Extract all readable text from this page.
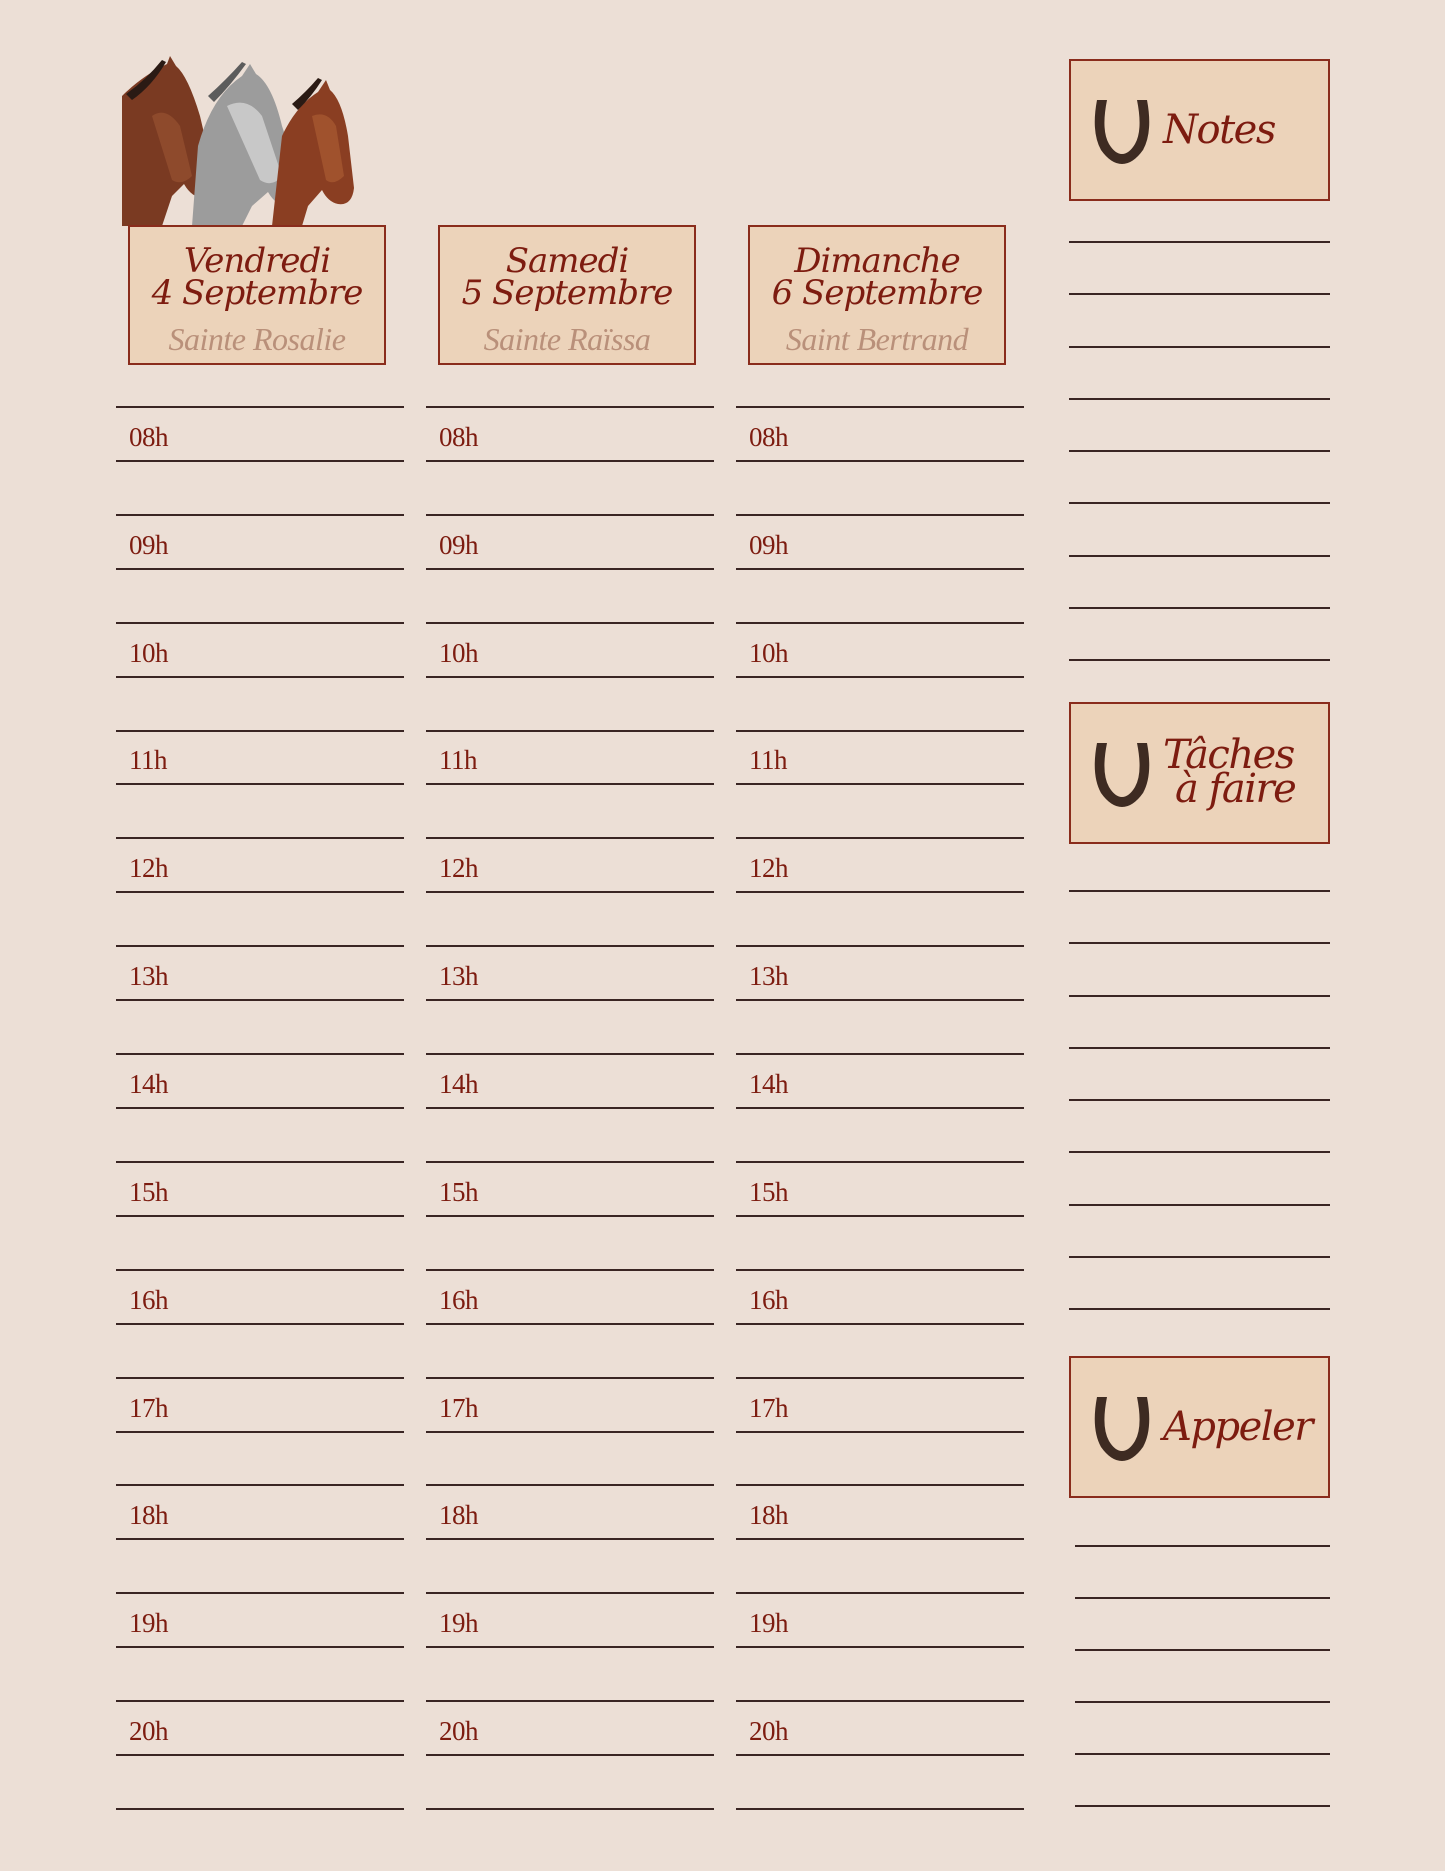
Vendredi
4 Septembre
Sainte Rosalie
08h
09h
10h
11h
12h
13h
14h
15h
16h
17h
18h
19h
20h
Samedi
5 Septembre
Sainte Raïssa
08h
09h
10h
11h
12h
13h
14h
15h
16h
17h
18h
19h
20h
Dimanche
6 Septembre
Saint Bertrand
08h
09h
10h
11h
12h
13h
14h
15h
16h
17h
18h
19h
20h
Notes
Tâches
à faire
Appeler
